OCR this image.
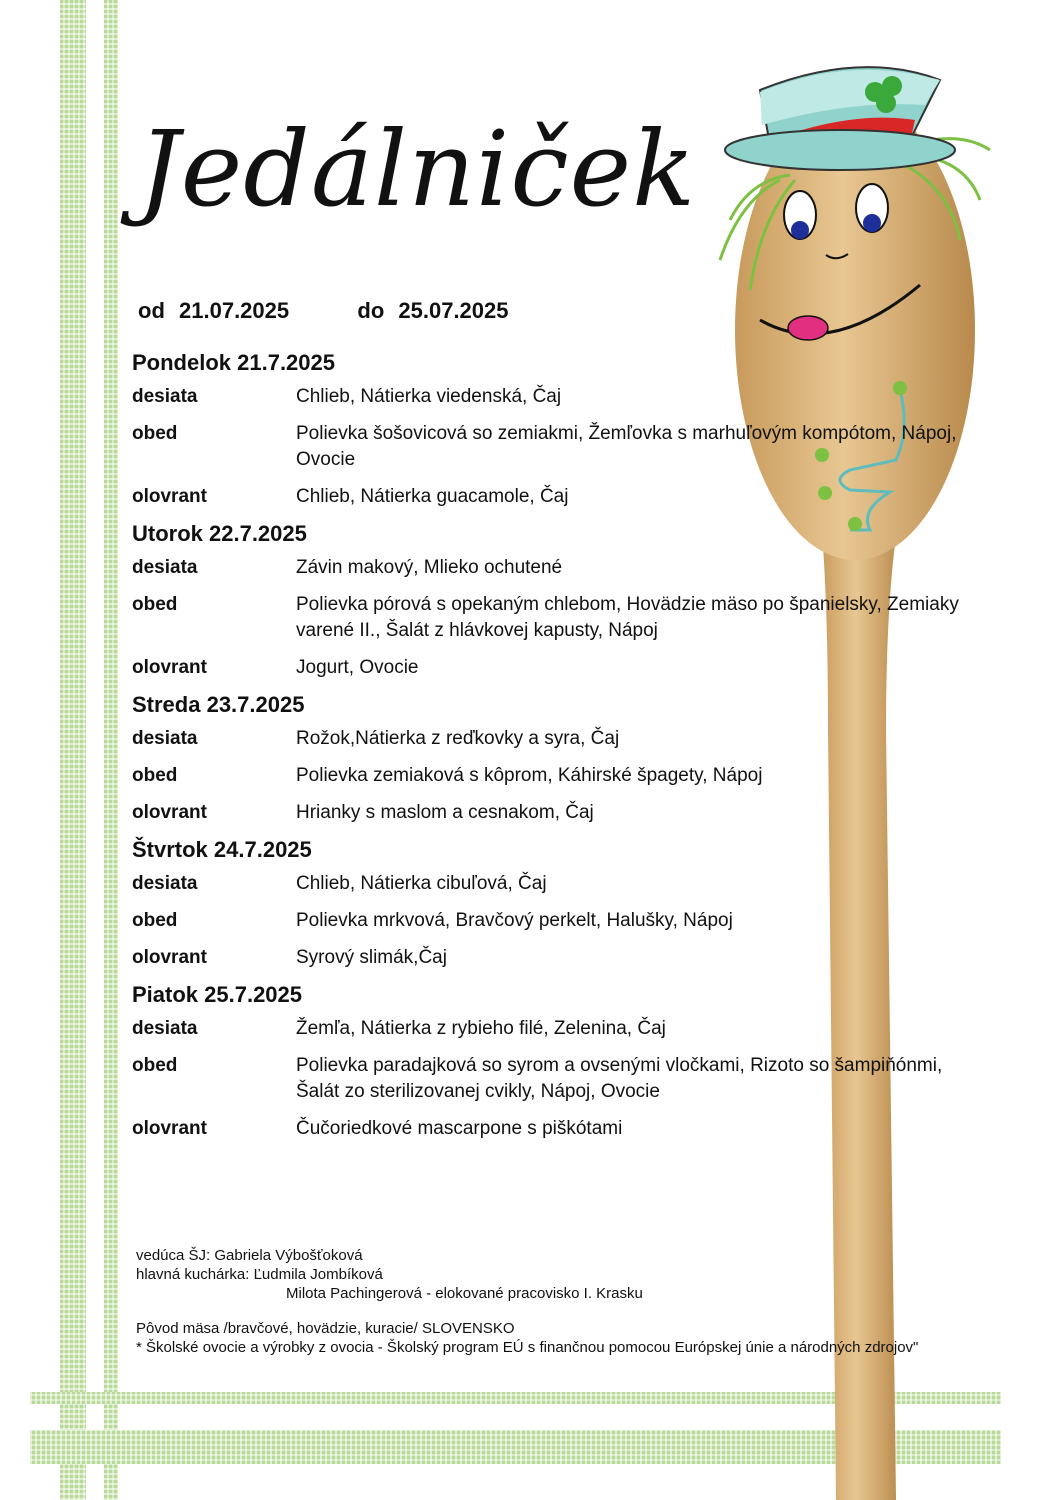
Jedálniček
od 21.07.2025	do 25.07.2025
Pondelok 21.7.2025
desiata	Chlieb, Nátierka viedenská, Čaj
obed	Polievka šošovicová so zemiakmi, Žemľovka s marhuľovým kompótom, Nápoj, Ovocie
olovrant	Chlieb, Nátierka guacamole, Čaj
Utorok 22.7.2025
desiata	Závin makový, Mlieko ochutené
obed	Polievka pórová s opekaným chlebom, Hovädzie mäso po španielsky, Zemiaky varené II., Šalát z hlávkovej kapusty, Nápoj
olovrant	Jogurt, Ovocie
Streda 23.7.2025
desiata	Rožok,Nátierka z reďkovky a syra, Čaj
obed	Polievka zemiaková s kôprom, Káhirské špagety, Nápoj
olovrant	Hrianky s maslom a cesnakom, Čaj
Štvrtok 24.7.2025
desiata	Chlieb, Nátierka cibuľová, Čaj
obed	Polievka mrkvová, Bravčový perkelt, Halušky, Nápoj
olovrant	Syrový slimák,Čaj
Piatok 25.7.2025
desiata	Žemľa, Nátierka z rybieho filé, Zelenina, Čaj
obed	Polievka paradajková so syrom a ovsenými vločkami, Rizoto so šampiňónmi, Šalát zo sterilizovanej cvikly, Nápoj, Ovocie
olovrant	Čučoriedkové mascarpone s piškótami
vedúca ŠJ: Gabriela Výbošťoková
hlavná kuchárka: Ľudmila Jombíková
Milota Pachingerová - elokované pracovisko I. Krasku
Pôvod mäsa /bravčové, hovädzie, kuracie/ SLOVENSKO
* Školské ovocie a výrobky z ovocia - Školský program EÚ s finančnou pomocou Európskej únie a národných zdrojov"
